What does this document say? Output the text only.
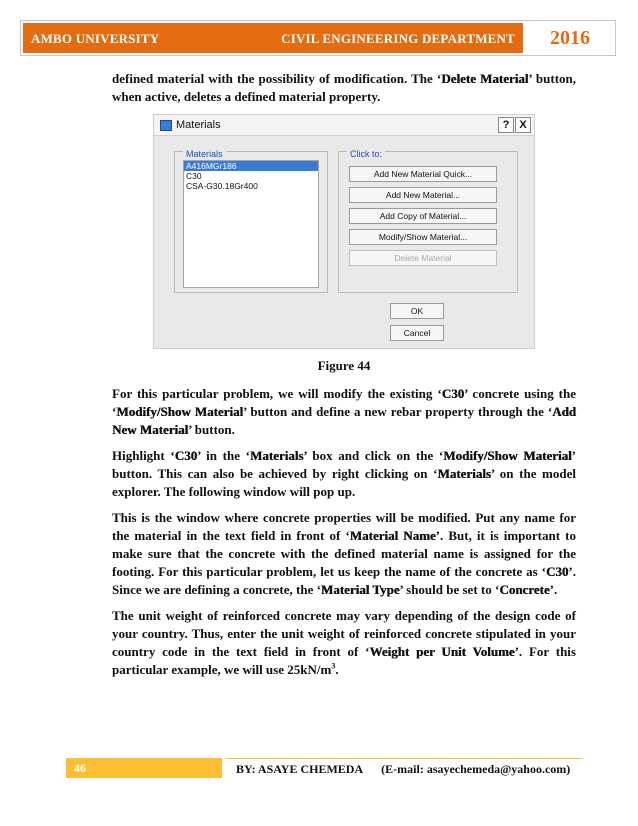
AMBO UNIVERSITY	CIVIL ENGINEERING DEPARTMENT	2016

defined material with the possibility of modification. The ‘Delete Material’ button, when active, deletes a defined material property.

Materials	? X
Materials
A416MGr186
C30
CSA-G30.18Gr400
Click to:
Add New Material Quick...
Add New Material...
Add Copy of Material...
Modify/Show Material...
Delete Material
OK
Cancel
Figure 44

For this particular problem, we will modify the existing ‘C30’ concrete using the ‘Modify/Show Material’ button and define a new rebar property through the ‘Add New Material’ button.

Highlight ‘C30’ in the ‘Materials’ box and click on the ‘Modify/Show Material’ button. This can also be achieved by right clicking on ‘Materials’ on the model explorer. The following window will pop up.

This is the window where concrete properties will be modified. Put any name for the material in the text field in front of ‘Material Name’. But, it is important to make sure that the concrete with the defined material name is assigned for the footing. For this particular problem, let us keep the name of the concrete as ‘C30’. Since we are defining a concrete, the ‘Material Type’ should be set to ‘Concrete’.

The unit weight of reinforced concrete may vary depending of the design code of your country. Thus, enter the unit weight of reinforced concrete stipulated in your country code in the text field in front of ‘Weight per Unit Volume’. For this particular example, we will use $25kN/m^3$.

46	BY: ASAYE CHEMEDA (E-mail: asayechemeda@yahoo.com)
